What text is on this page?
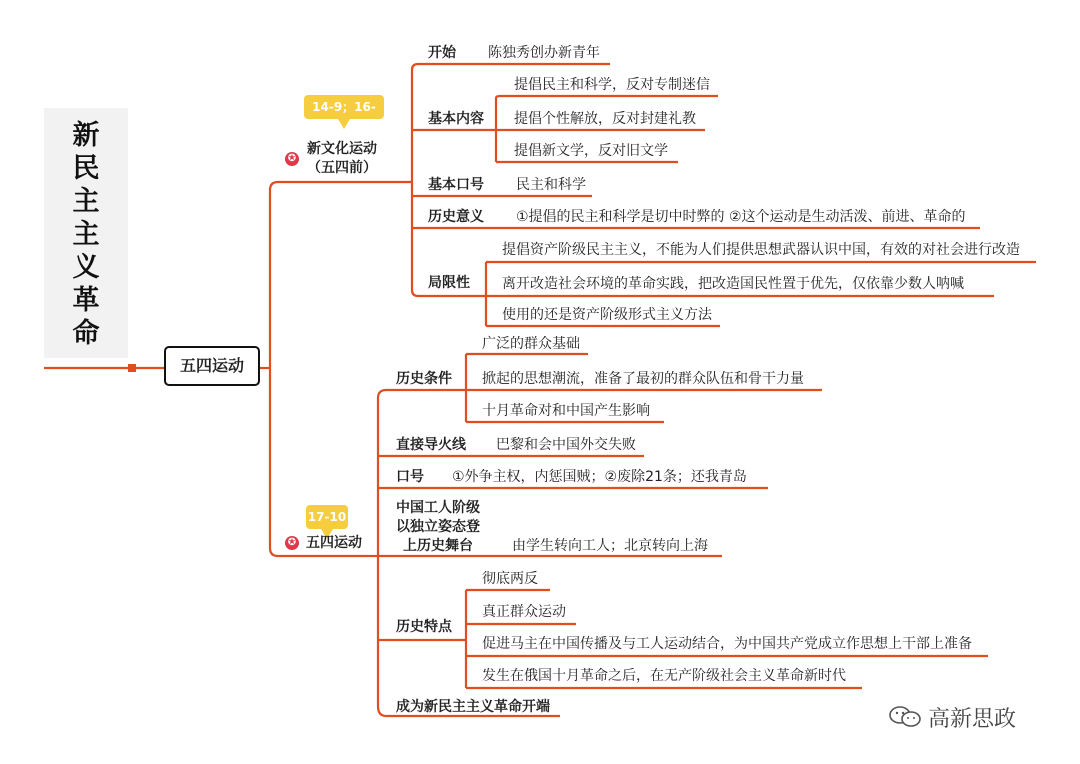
新
民
主
主
义
革
命
五四运动
14-9；16-28
✪
新文化运动
（五四前）
开始 陈独秀创办新青年
基本内容
提倡民主和科学，反对专制迷信
提倡个性解放，反对封建礼教
提倡新文学，反对旧文学
基本口号 民主和科学
历史意义 ①提倡的民主和科学是切中时弊的 ②这个运动是生动活泼、前进、革命的
局限性
提倡资产阶级民主主义，不能为人们提供思想武器认识中国，有效的对社会进行改造
离开改造社会环境的革命实践，把改造国民性置于优先，仅依靠少数人呐喊
使用的还是资产阶级形式主义方法
17-10
✪ 五四运动
历史条件
广泛的群众基础
掀起的思想潮流，准备了最初的群众队伍和骨干力量
十月革命对和中国产生影响
直接导火线 巴黎和会中国外交失败
口号 ①外争主权，内惩国贼；②废除21条；还我青岛
中国工人阶级
以独立姿态登
上历史舞台	由学生转向工人；北京转向上海
历史特点
彻底两反
真正群众运动
促进马主在中国传播及与工人运动结合，为中国共产党成立作思想上干部上准备
发生在俄国十月革命之后，在无产阶级社会主义革命新时代
成为新民主主义革命开端	高新思政
